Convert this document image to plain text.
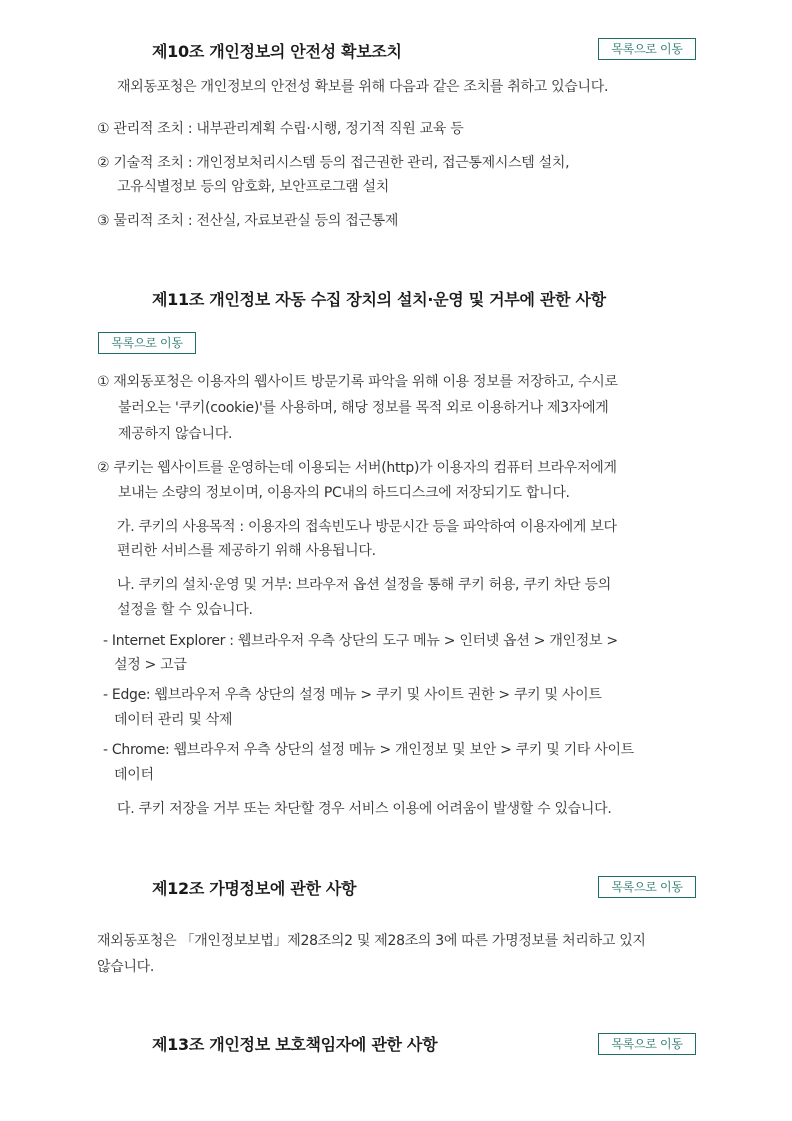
제10조 개인정보의 안전성 확보조치	목록으로 이동
재외동포청은 개인정보의 안전성 확보를 위해 다음과 같은 조치를 취하고 있습니다.
① 관리적 조치 : 내부관리계획 수립·시행, 정기적 직원 교육 등
② 기술적 조치 : 개인정보처리시스템 등의 접근권한 관리, 접근통제시스템 설치,
고유식별정보 등의 암호화, 보안프로그램 설치
③ 물리적 조치 : 전산실, 자료보관실 등의 접근통제
제11조 개인정보 자동 수집 장치의 설치·운영 및 거부에 관한 사항
목록으로 이동
① 재외동포청은 이용자의 웹사이트 방문기록 파악을 위해 이용 정보를 저장하고, 수시로
불러오는 '쿠키(cookie)'를 사용하며, 해당 정보를 목적 외로 이용하거나 제3자에게
제공하지 않습니다.
② 쿠키는 웹사이트를 운영하는데 이용되는 서버(http)가 이용자의 컴퓨터 브라우저에게
보내는 소량의 정보이며, 이용자의 PC내의 하드디스크에 저장되기도 합니다.
가. 쿠키의 사용목적 : 이용자의 접속빈도나 방문시간 등을 파악하여 이용자에게 보다
편리한 서비스를 제공하기 위해 사용됩니다.
나. 쿠키의 설치·운영 및 거부: 브라우저 옵션 설정을 통해 쿠키 허용, 쿠키 차단 등의
설정을 할 수 있습니다.
- Internet Explorer : 웹브라우저 우측 상단의 도구 메뉴 > 인터넷 옵션 > 개인정보 >
설정 > 고급
- Edge: 웹브라우저 우측 상단의 설정 메뉴 > 쿠키 및 사이트 권한 > 쿠키 및 사이트
데이터 관리 및 삭제
- Chrome: 웹브라우저 우측 상단의 설정 메뉴 > 개인정보 및 보안 > 쿠키 및 기타 사이트
데이터
다. 쿠키 저장을 거부 또는 차단할 경우 서비스 이용에 어려움이 발생할 수 있습니다.
제12조 가명정보에 관한 사항	목록으로 이동
재외동포청은 「개인정보보법」제28조의2 및 제28조의 3에 따른 가명정보를 처리하고 있지
않습니다.
제13조 개인정보 보호책임자에 관한 사항	목록으로 이동
